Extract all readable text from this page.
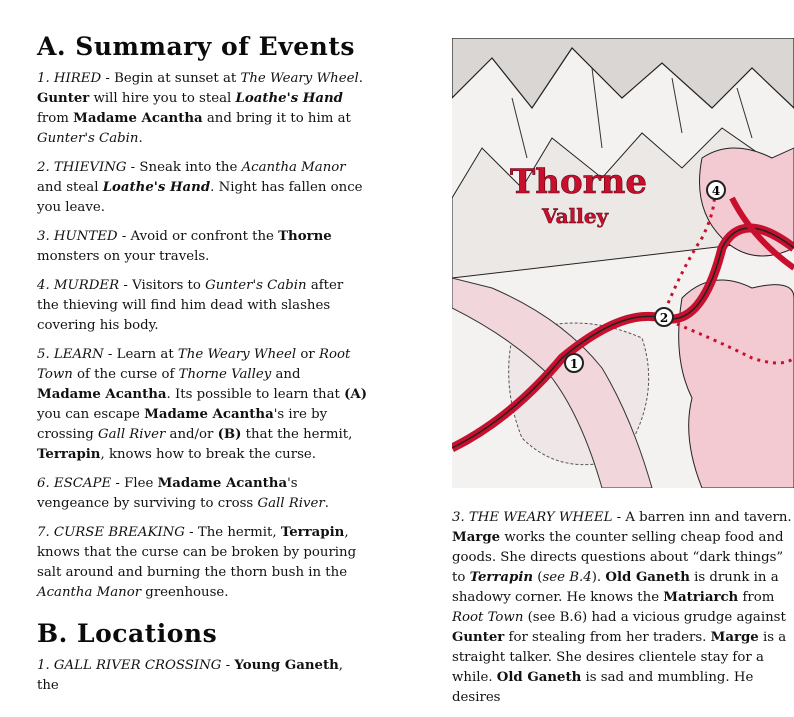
A. Summary of Events

1. HIRED - Begin at sunset at The Weary Wheel. Gunter will hire you to steal Loathe's Hand from Madame Acantha and bring it to him at Gunter's Cabin.

2. THIEVING - Sneak into the Acantha Manor and steal Loathe's Hand. Night has fallen once you leave.

3. HUNTED - Avoid or confront the Thorne monsters on your travels.

4. MURDER - Visitors to Gunter's Cabin after the thieving will find him dead with slashes covering his body.

5. LEARN - Learn at The Weary Wheel or Root Town of the curse of Thorne Valley and Madame Acantha. Its possible to learn that (A) you can escape Madame Acantha's ire by crossing Gall River and/or (B) that the hermit, Terrapin, knows how to break the curse.

6. ESCAPE - Flee Madame Acantha's vengeance by surviving to cross Gall River.

7. CURSE BREAKING - The hermit, Terrapin, knows that the curse can be broken by pouring salt around and burning the thorn bush in the Acantha Manor greenhouse.

B. Locations

1. GALL RIVER CROSSING - Young Ganeth, the

1
2
4
Thorne
Valley

3. THE WEARY WHEEL - A barren inn and tavern. Marge works the counter selling cheap food and goods. She directs questions about “dark things” to Terrapin (see B.4). Old Ganeth is drunk in a shadowy corner. He knows the Matriarch from Root Town (see B.6) had a vicious grudge against Gunter for stealing from her traders. Marge is a straight talker. She desires clientele stay for a while. Old Ganeth is sad and mumbling. He desires
